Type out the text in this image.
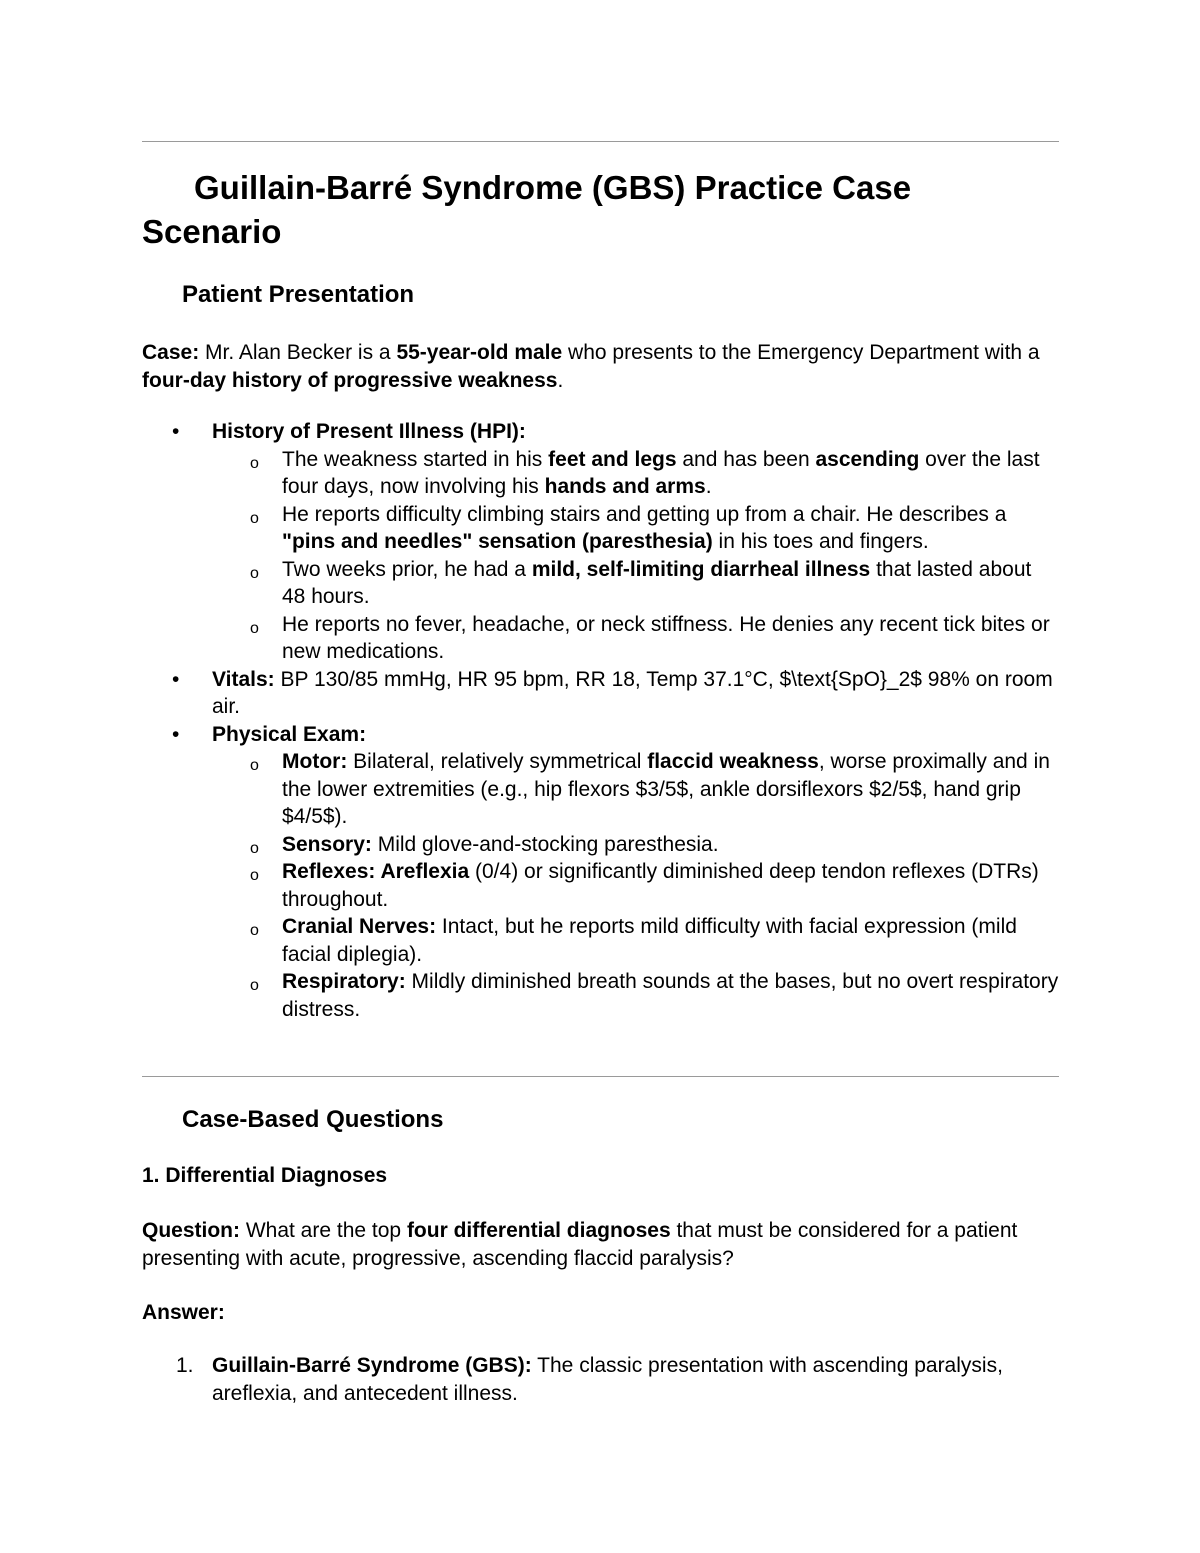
Guillain-Barré Syndrome (GBS) Practice Case Scenario
Patient Presentation

Case: Mr. Alan Becker is a 55-year-old male who presents to the Emergency Department with a four-day history of progressive weakness.

• History of Present Illness (HPI):
o The weakness started in his feet and legs and has been ascending over the last four days, now involving his hands and arms.
o He reports difficulty climbing stairs and getting up from a chair. He describes a "pins and needles" sensation (paresthesia) in his toes and fingers.
o Two weeks prior, he had a mild, self-limiting diarrheal illness that lasted about 48 hours.
o He reports no fever, headache, or neck stiffness. He denies any recent tick bites or new medications.
• Vitals: BP 130/85 mmHg, HR 95 bpm, RR 18, Temp 37.1°C, $\text{SpO}_2$ 98% on room air.
• Physical Exam:
o Motor: Bilateral, relatively symmetrical flaccid weakness, worse proximally and in the lower extremities (e.g., hip flexors $3/5$, ankle dorsiflexors $2/5$, hand grip $4/5$).
o Sensory: Mild glove-and-stocking paresthesia.
o Reflexes: Areflexia (0/4) or significantly diminished deep tendon reflexes (DTRs) throughout.
o Cranial Nerves: Intact, but he reports mild difficulty with facial expression (mild facial diplegia).
o Respiratory: Mildly diminished breath sounds at the bases, but no overt respiratory distress.
Case-Based Questions
1. Differential Diagnoses

Question: What are the top four differential diagnoses that must be considered for a patient presenting with acute, progressive, ascending flaccid paralysis?

Answer:

1. Guillain-Barré Syndrome (GBS): The classic presentation with ascending paralysis, areflexia, and antecedent illness.
